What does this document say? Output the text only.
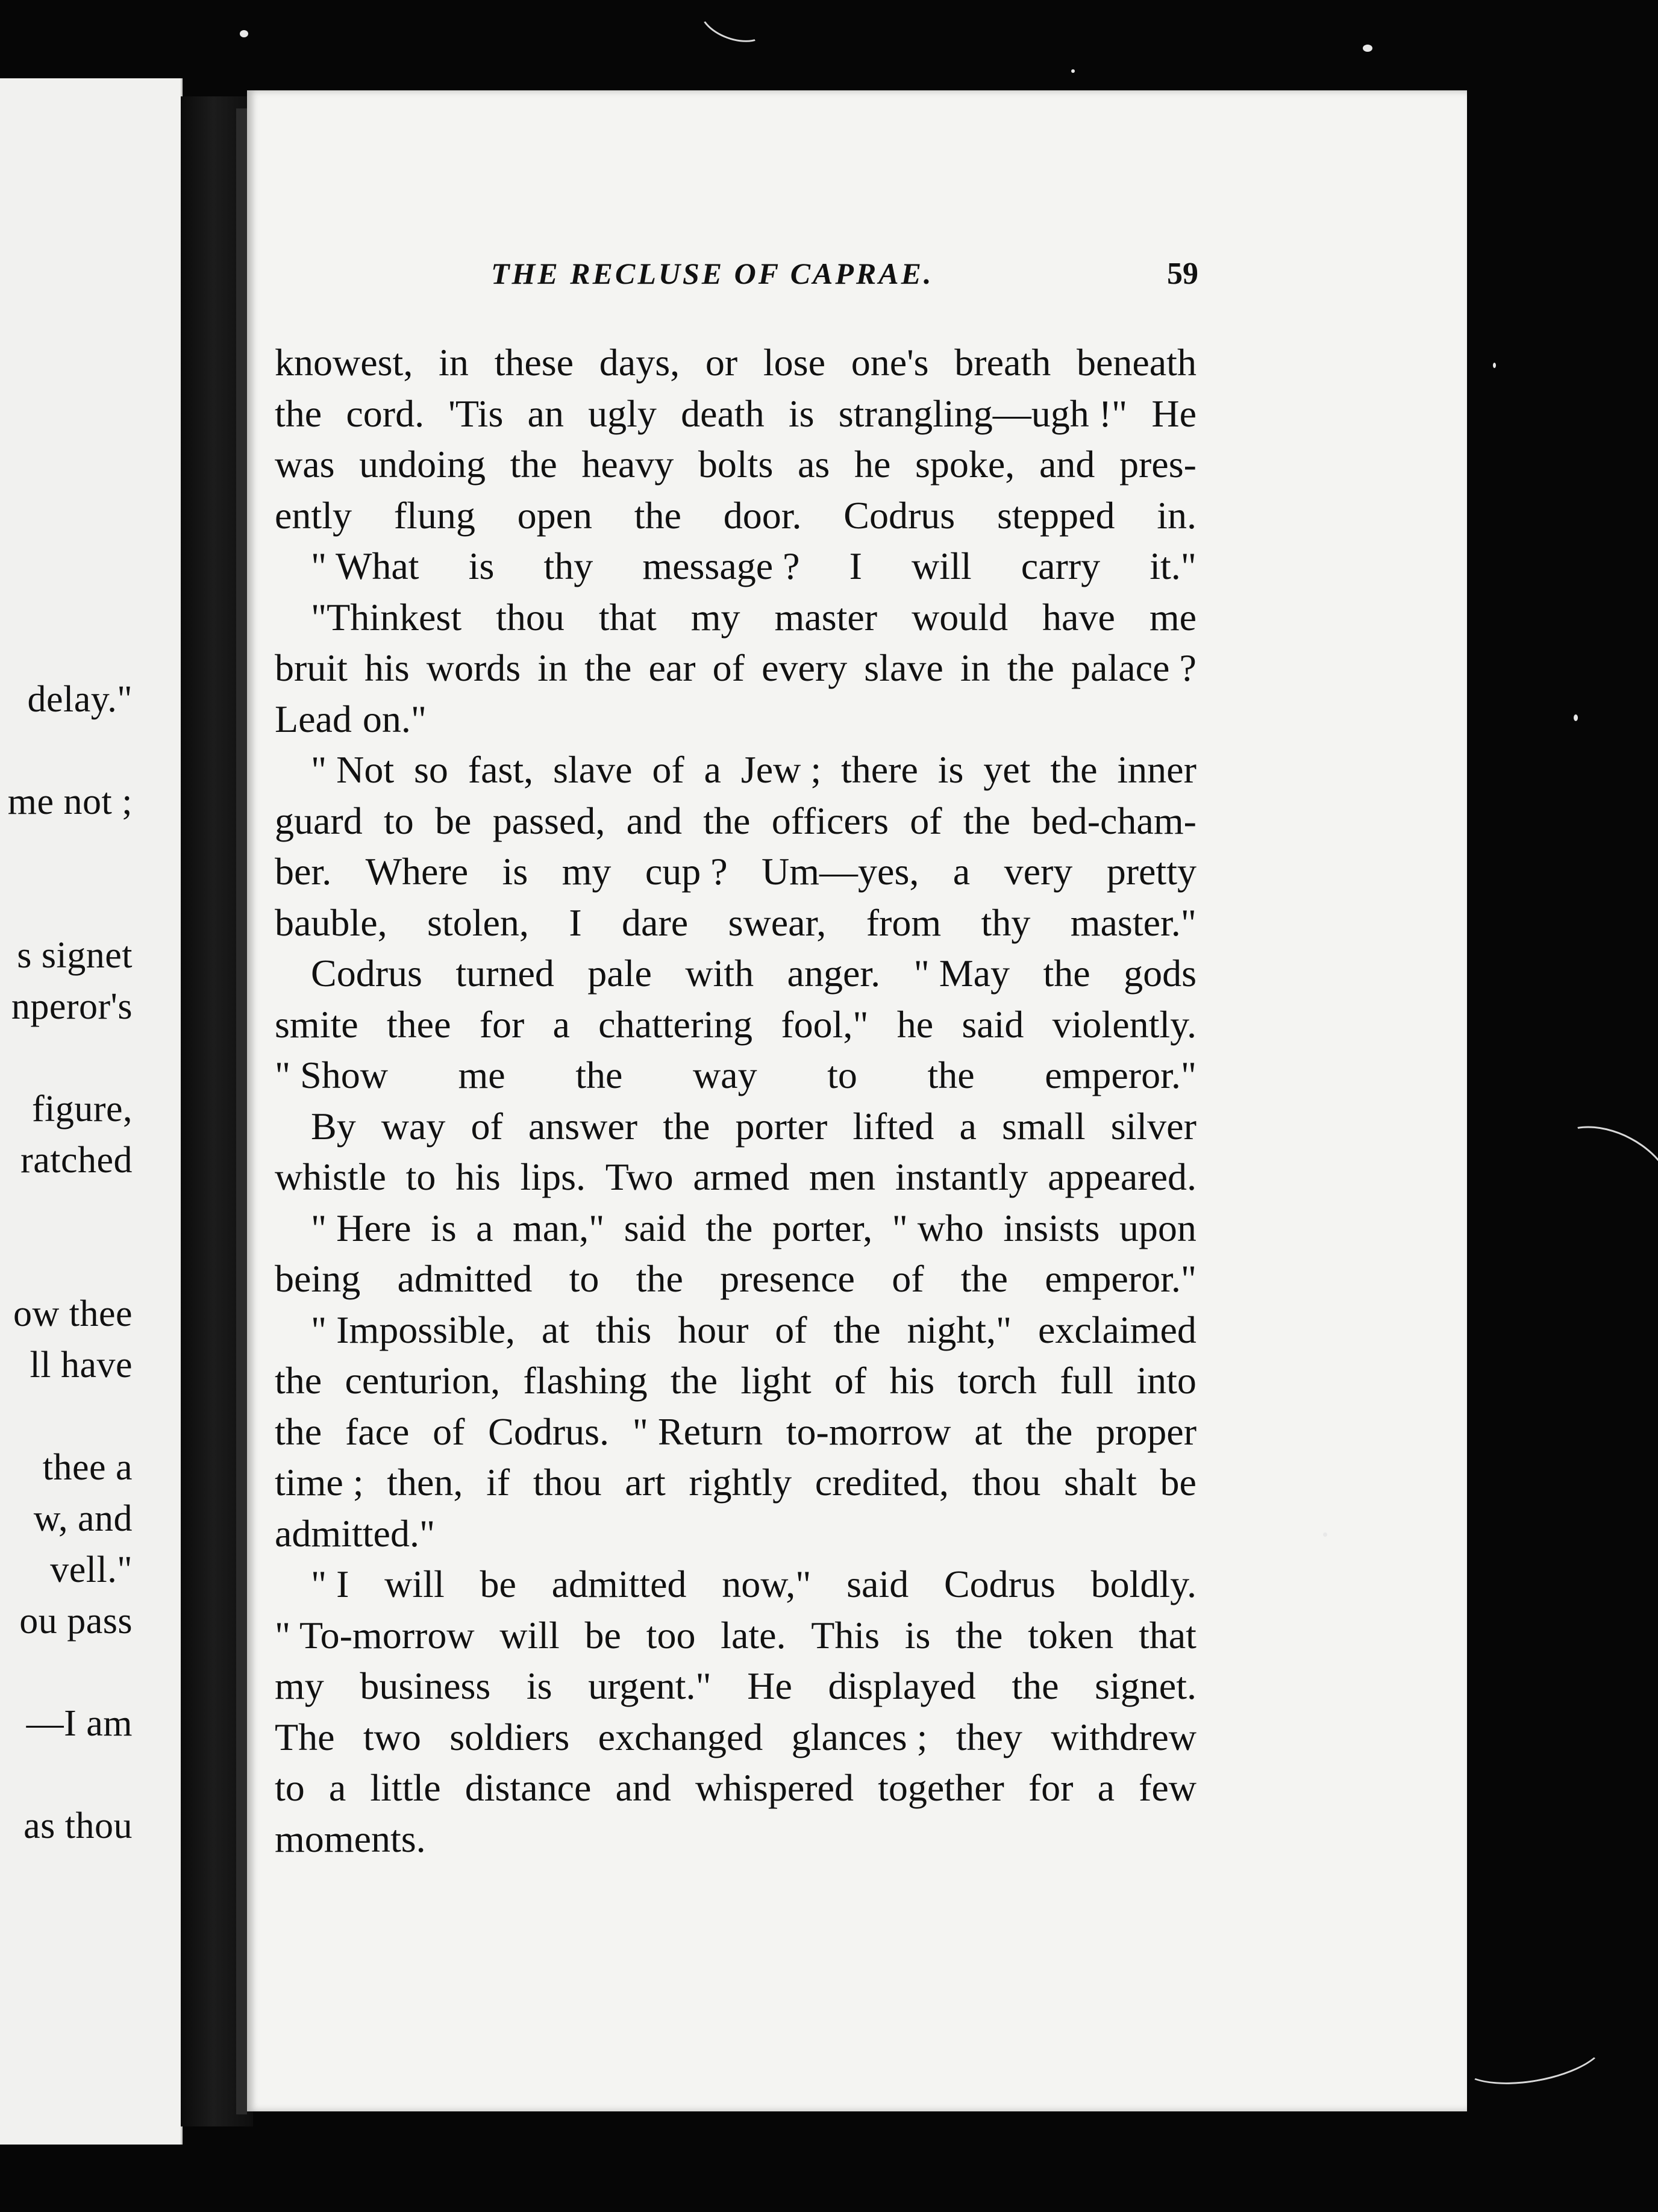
delay."
me not ;
s signet
nperor's
figure,
ratched
ow thee
ll have
thee a
w, and
vell."
ou pass
—I am
as thou
THE RECLUSE OF CAPRAE.	59
knowest, in these days, or lose one's breath beneath
the cord. 'Tis an ugly death is strangling—ugh !" He
was undoing the heavy bolts as he spoke, and pres-
ently flung open the door. Codrus stepped in.
" What is thy message ? I will carry it."
"Thinkest thou that my master would have me
bruit his words in the ear of every slave in the palace ?
Lead on."
" Not so fast, slave of a Jew ; there is yet the inner
guard to be passed, and the officers of the bed-cham-
ber. Where is my cup ? Um—yes, a very pretty
bauble, stolen, I dare swear, from thy master."
Codrus turned pale with anger. " May the gods
smite thee for a chattering fool," he said violently.
" Show me the way to the emperor."
By way of answer the porter lifted a small silver
whistle to his lips. Two armed men instantly appeared.
" Here is a man," said the porter, " who insists upon
being admitted to the presence of the emperor."
" Impossible, at this hour of the night," exclaimed
the centurion, flashing the light of his torch full into
the face of Codrus. " Return to-morrow at the proper
time ; then, if thou art rightly credited, thou shalt be
admitted."
" I will be admitted now," said Codrus boldly.
" To-morrow will be too late. This is the token that
my business is urgent." He displayed the signet.
The two soldiers exchanged glances ; they withdrew
to a little distance and whispered together for a few
moments.
